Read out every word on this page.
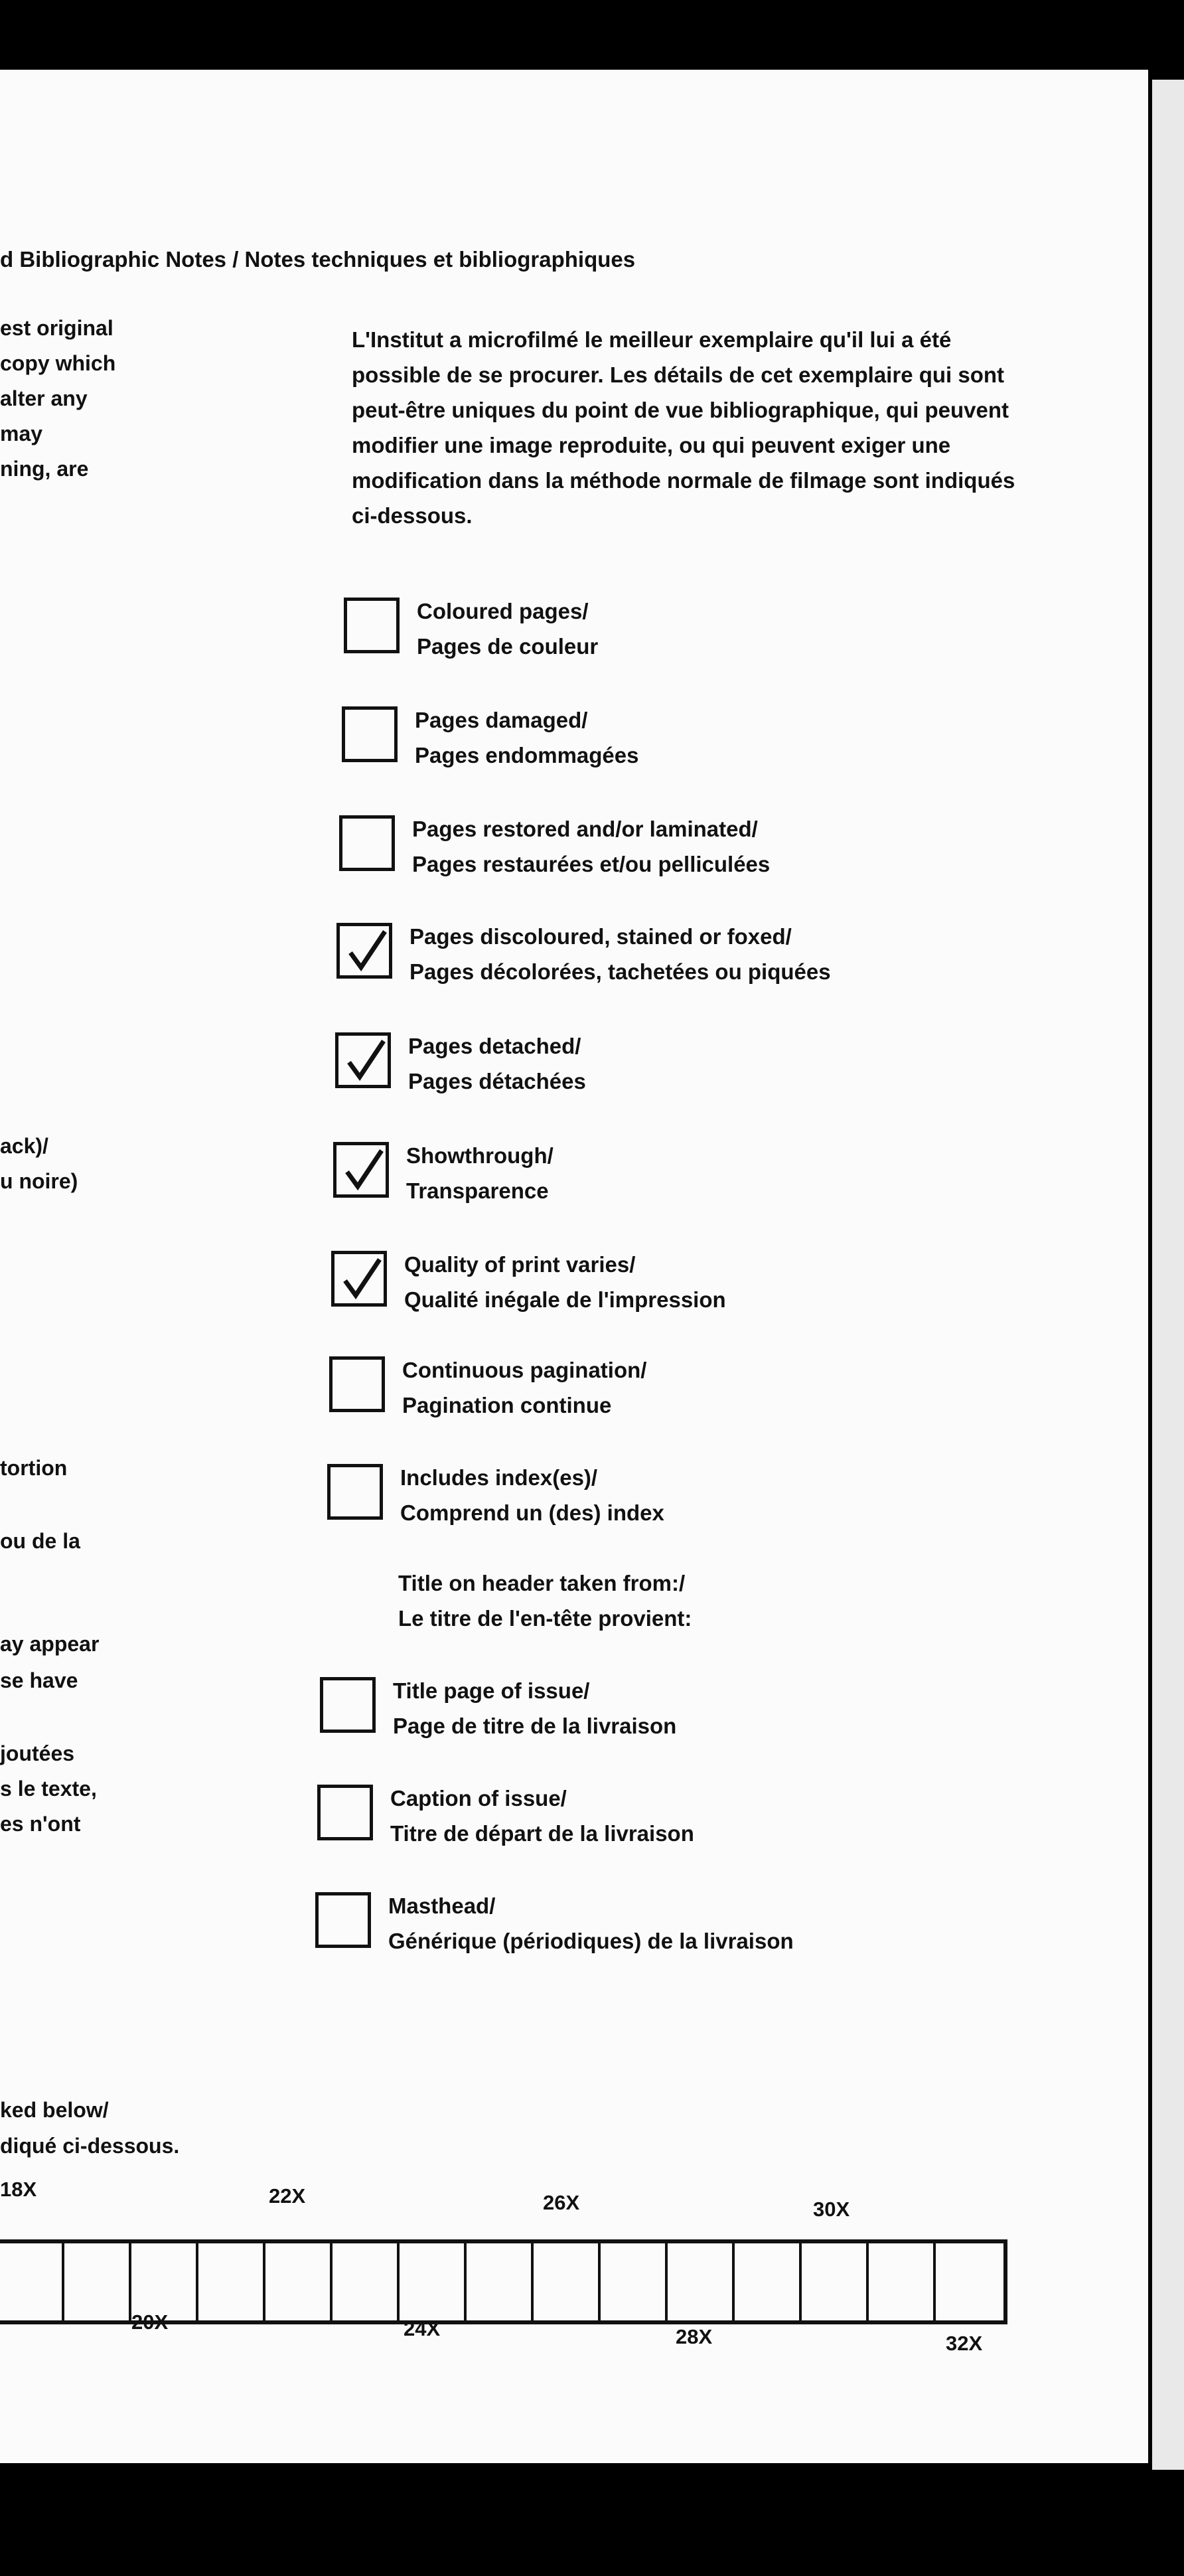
d Bibliographic Notes / Notes techniques et bibliographiques
est original
copy which
alter any
may
ning, are
ack)/
u noire)
tortion
ou de la
ay appear
se have
joutées
s le texte,
es n'ont
L'Institut a microfilmé le meilleur exemplaire qu'il lui a été possible de se procurer. Les détails de cet exemplaire qui sont peut-être uniques du point de vue bibliographique, qui peuvent modifier une image reproduite, ou qui peuvent exiger une modification dans la méthode normale de filmage sont indiqués ci-dessous.
Coloured pages/
Pages de couleur
Pages damaged/
Pages endommagées
Pages restored and/or laminated/
Pages restaurées et/ou pelliculées
Pages discoloured, stained or foxed/
Pages décolorées, tachetées ou piquées
Pages detached/
Pages détachées
Showthrough/
Transparence
Quality of print varies/
Qualité inégale de l'impression
Continuous pagination/
Pagination continue
Includes index(es)/
Comprend un (des) index
Title on header taken from:/
Le titre de l'en-tête provient:
Title page of issue/
Page de titre de la livraison
Caption of issue/
Titre de départ de la livraison
Masthead/
Générique (périodiques) de la livraison
ked below/
diqué ci-dessous.
18X	22X	26X	30X
20X	24X	28X	32X
